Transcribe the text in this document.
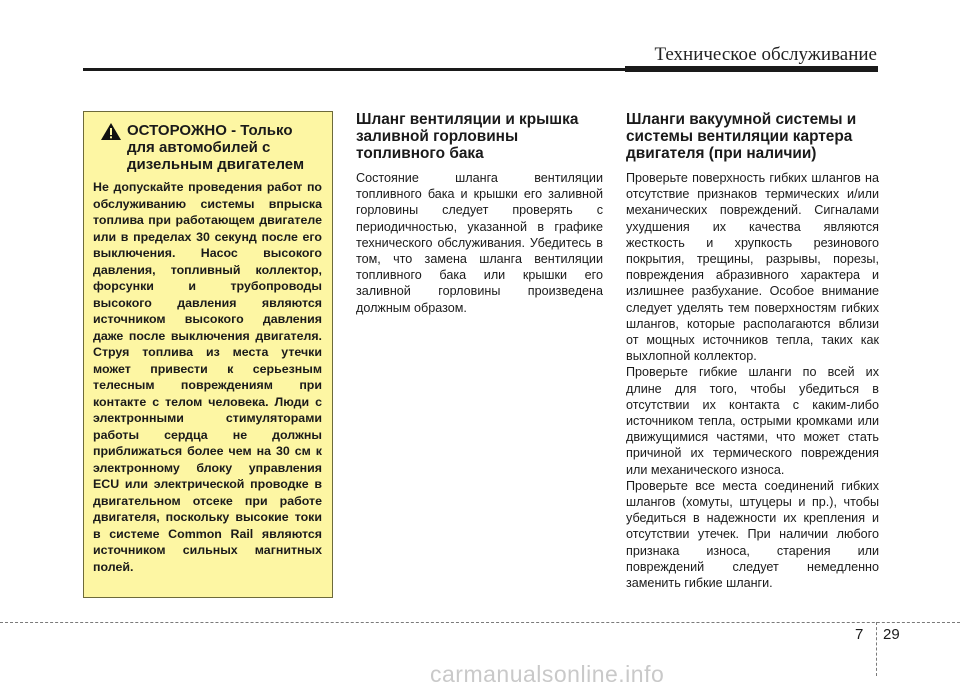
Техническое обслуживание
ОСТОРОЖНО - Только для автомобилей с дизельным двигателем

Не допускайте проведения работ по обслуживанию системы впрыска топлива при работающем двигателе или в пределах 30 секунд после его выключения. Насос высокого давления, топливный коллектор, форсунки и трубопроводы высокого давления являются источником высокого давления даже после выключения двигателя. Струя топлива из места утечки может привести к серьезным телесным повреждениям при контакте с телом человека. Люди с электронными стимуляторами работы сердца не должны приближаться более чем на 30 см к электронному блоку управления ECU или электрической проводке в двигательном отсеке при работе двигателя, поскольку высокие токи в системе Common Rail являются источником сильных магнитных полей.

Шланг вентиляции и крышка заливной горловины топливного бака

Состояние шланга вентиляции топливного бака и крышки его заливной горловины следует проверять с периодичностью, указанной в графике технического обслуживания. Убедитесь в том, что замена шланга вентиляции топливного бака или крышки его заливной горловины произведена должным образом.

Шланги вакуумной системы и системы вентиляции картера двигателя (при наличии)

Проверьте поверхность гибких шлангов на отсутствие признаков термических и/или механических повреждений. Сигналами ухудшения их качества являются жесткость и хрупкость резинового покрытия, трещины, разрывы, порезы, повреждения абразивного характера и излишнее разбухание. Особое внимание следует уделять тем поверхностям гибких шлангов, которые располагаются вблизи от мощных источников тепла, таких как выхлопной коллектор.

Проверьте гибкие шланги по всей их длине для того, чтобы убедиться в отсутствии их контакта с каким-либо источником тепла, острыми кромками или движущимися частями, что может стать причиной их термического повреждения или механического износа.

Проверьте все места соединений гибких шлангов (хомуты, штуцеры и пр.), чтобы убедиться в надежности их крепления и отсутствии утечек. При наличии любого признака износа, старения или повреждений следует немедленно заменить гибкие шланги.

7 29
carmanualsonline.info
